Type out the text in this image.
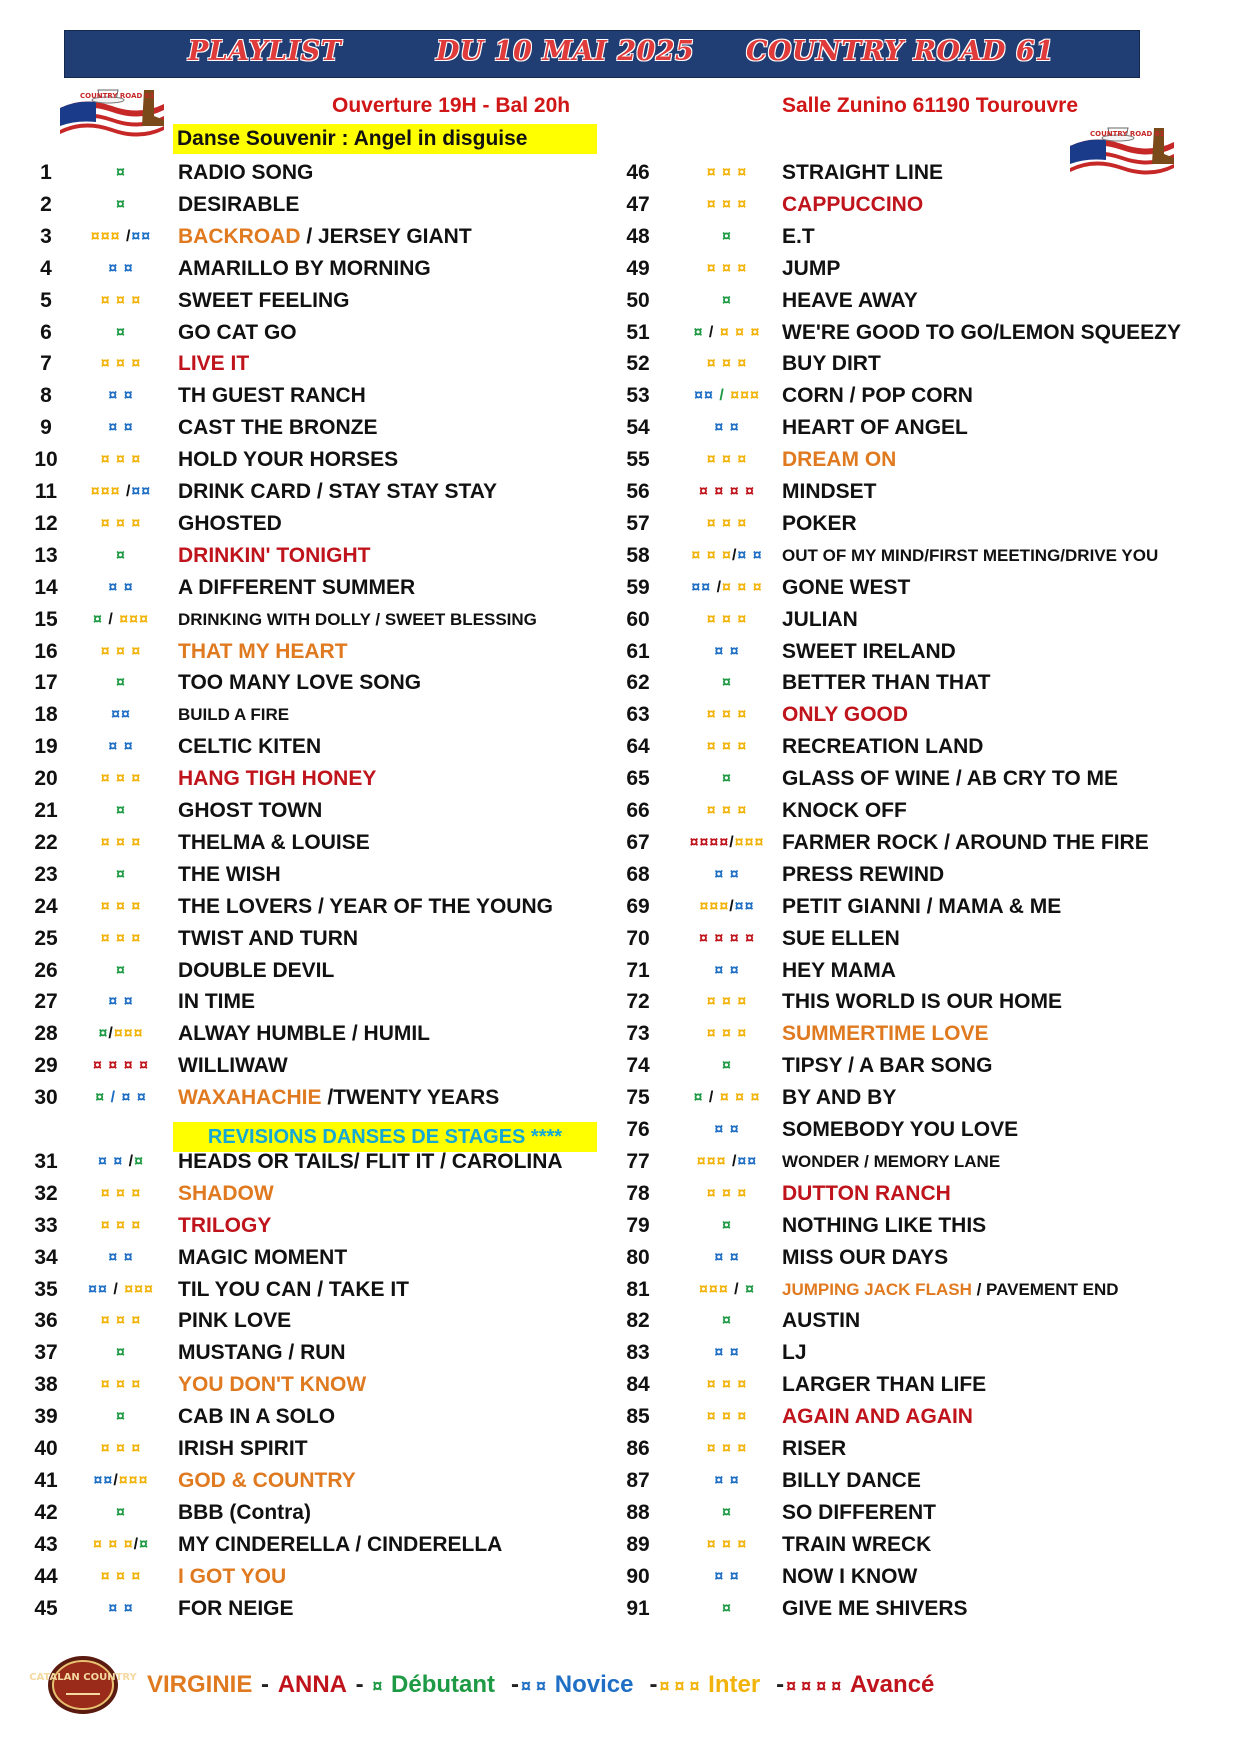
PLAYLIST	DU 10 MAI 2025 COUNTRY ROAD 61
COUNTRY ROAD 61
COUNTRY ROAD 61
Ouverture 19H - Bal 20h	Salle Zunino 61190 Tourouvre
Danse Souvenir : Angel in disguise
REVISIONS DANSES DE STAGES ****
1	¤	RADIO SONG
2	¤	DESIRABLE
3	¤¤¤ /¤¤	BACKROAD / JERSEY GIANT
4	¤ ¤	AMARILLO BY MORNING
5	¤ ¤ ¤	SWEET FEELING
6	¤	GO CAT GO
7	¤ ¤ ¤	LIVE IT
8	¤ ¤	TH GUEST RANCH
9	¤ ¤	CAST THE BRONZE
10	¤ ¤ ¤	HOLD YOUR HORSES
11	¤¤¤ /¤¤	DRINK CARD / STAY STAY STAY
12	¤ ¤ ¤	GHOSTED
13	¤	DRINKIN' TONIGHT
14	¤ ¤	A DIFFERENT SUMMER
15	¤ / ¤¤¤	DRINKING WITH DOLLY / SWEET BLESSING
16	¤ ¤ ¤	THAT MY HEART
17	¤	TOO MANY LOVE SONG
18	¤¤	BUILD A FIRE
19	¤ ¤	CELTIC KITEN
20	¤ ¤ ¤	HANG TIGH HONEY
21	¤	GHOST TOWN
22	¤ ¤ ¤	THELMA & LOUISE
23	¤	THE WISH
24	¤ ¤ ¤	THE LOVERS / YEAR OF THE YOUNG
25	¤ ¤ ¤	TWIST AND TURN
26	¤	DOUBLE DEVIL
27	¤ ¤	IN TIME
28	¤/¤¤¤	ALWAY HUMBLE / HUMIL
29	¤ ¤ ¤ ¤	WILLIWAW
30	¤ / ¤ ¤	WAXAHACHIE /TWENTY YEARS
31	¤ ¤ /¤	HEADS OR TAILS/ FLIT IT / CAROLINA
32	¤ ¤ ¤	SHADOW
33	¤ ¤ ¤	TRILOGY
34	¤ ¤	MAGIC MOMENT
35	¤¤ / ¤¤¤	TIL YOU CAN / TAKE IT
36	¤ ¤ ¤	PINK LOVE
37	¤	MUSTANG / RUN
38	¤ ¤ ¤	YOU DON'T KNOW
39	¤	CAB IN A SOLO
40	¤ ¤ ¤	IRISH SPIRIT
41	¤¤/¤¤¤	GOD & COUNTRY
42	¤	BBB (Contra)
43	¤ ¤ ¤/¤	MY CINDERELLA / CINDERELLA
44	¤ ¤ ¤	I GOT YOU
45	¤ ¤	FOR NEIGE
46	¤ ¤ ¤	STRAIGHT LINE
47	¤ ¤ ¤	CAPPUCCINO
48	¤	E.T
49	¤ ¤ ¤	JUMP
50	¤	HEAVE AWAY
51	¤ / ¤ ¤ ¤	WE'RE GOOD TO GO/LEMON SQUEEZY
52	¤ ¤ ¤	BUY DIRT
53	¤¤ / ¤¤¤	CORN / POP CORN
54	¤ ¤	HEART OF ANGEL
55	¤ ¤ ¤	DREAM ON
56	¤ ¤ ¤ ¤	MINDSET
57	¤ ¤ ¤	POKER
58	¤ ¤ ¤/¤ ¤	OUT OF MY MIND/FIRST MEETING/DRIVE YOU
59	¤¤ /¤ ¤ ¤ GONE WEST
60	¤ ¤ ¤	JULIAN
61	¤ ¤	SWEET IRELAND
62	¤	BETTER THAN THAT
63	¤ ¤ ¤	ONLY GOOD
64	¤ ¤ ¤	RECREATION LAND
65	¤	GLASS OF WINE / AB CRY TO ME
66	¤ ¤ ¤	KNOCK OFF
67	¤¤¤¤/¤¤¤ FARMER ROCK / AROUND THE FIRE
68	¤ ¤	PRESS REWIND
69	¤¤¤/¤¤	PETIT GIANNI / MAMA & ME
70	¤ ¤ ¤ ¤	SUE ELLEN
71	¤ ¤	HEY MAMA
72	¤ ¤ ¤	THIS WORLD IS OUR HOME
73	¤ ¤ ¤	SUMMERTIME LOVE
74	¤	TIPSY / A BAR SONG
75	¤ / ¤ ¤ ¤	BY AND BY
76	¤ ¤	SOMEBODY YOU LOVE
77	¤¤¤ /¤¤	WONDER / MEMORY LANE
78	¤ ¤ ¤	DUTTON RANCH
79	¤	NOTHING LIKE THIS
80	¤ ¤	MISS OUR DAYS
81	¤¤¤ / ¤	JUMPING JACK FLASH / PAVEMENT END
82	¤	AUSTIN
83	¤ ¤	LJ
84	¤ ¤ ¤	LARGER THAN LIFE
85	¤ ¤ ¤	AGAIN AND AGAIN
86	¤ ¤ ¤	RISER
87	¤ ¤	BILLY DANCE
88	¤	SO DIFFERENT
89	¤ ¤ ¤	TRAIN WRECK
90	¤ ¤	NOW I KNOW
91	¤	GIVE ME SHIVERS
CATALAN COUNTRY VIRGINIE - ANNA - ¤ Débutant - ¤ ¤ Novice - ¤ ¤ ¤ Inter - ¤ ¤ ¤ ¤ Avancé
